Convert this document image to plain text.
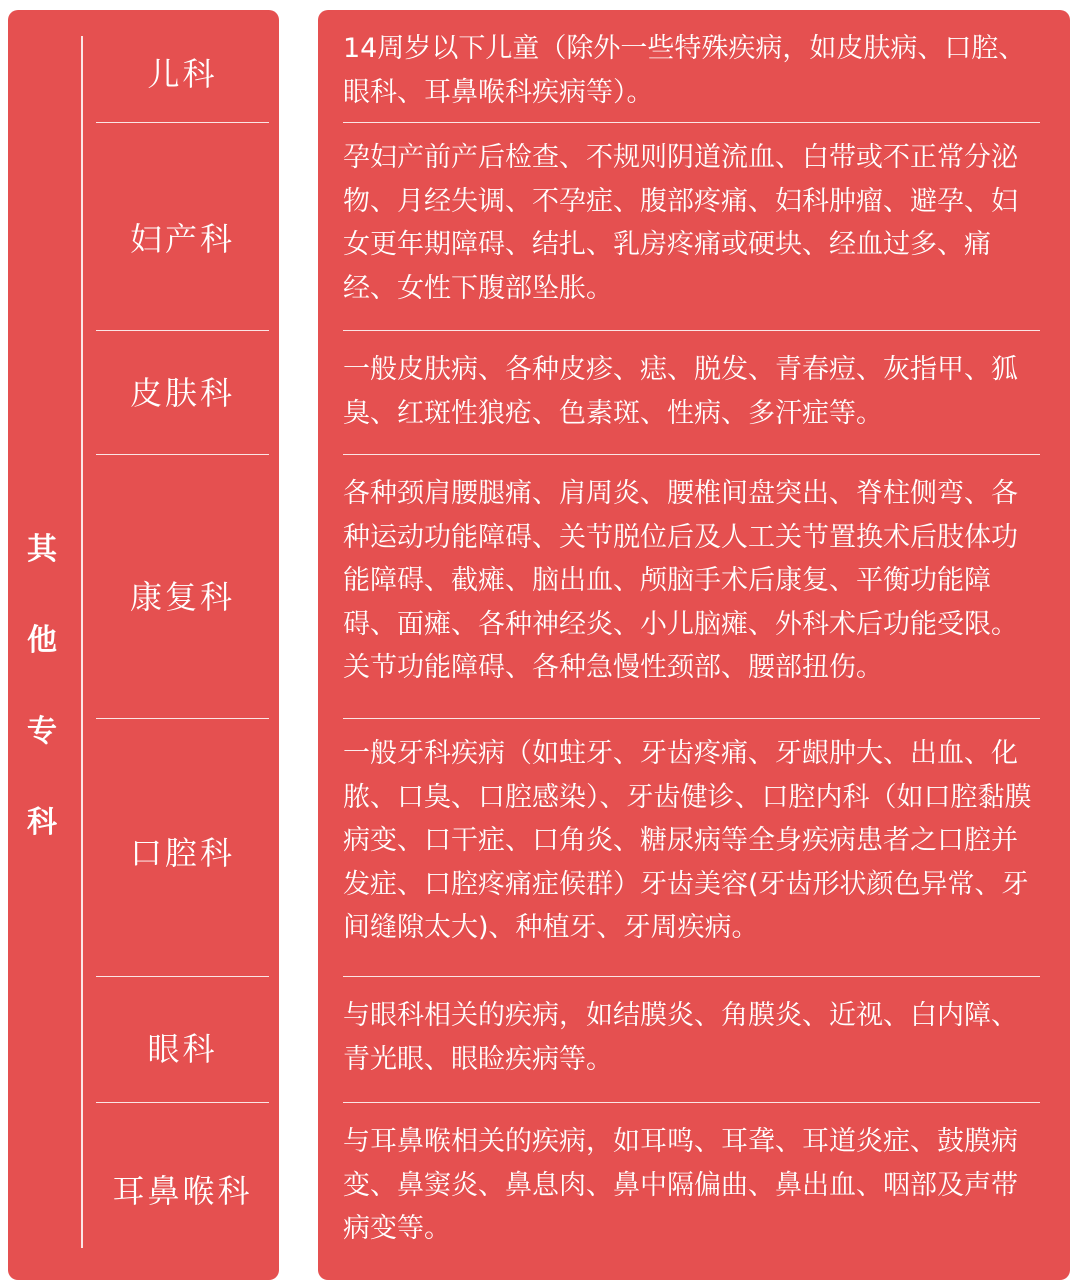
其
他
专
科
儿科
14周岁以下儿童（除外一些特殊疾病，如皮肤病、口腔、眼科、耳鼻喉科疾病等）。
妇产科
孕妇产前产后检查、不规则阴道流血、白带或不正常分泌物、月经失调、不孕症、腹部疼痛、妇科肿瘤、避孕、妇女更年期障碍、结扎、乳房疼痛或硬块、经血过多、痛经、女性下腹部坠胀。
皮肤科
一般皮肤病、各种皮疹、痣、脱发、青春痘、灰指甲、狐臭、红斑性狼疮、色素斑、性病、多汗症等。
康复科
各种颈肩腰腿痛、肩周炎、腰椎间盘突出、脊柱侧弯、各种运动功能障碍、关节脱位后及人工关节置换术后肢体功能障碍、截瘫、脑出血、颅脑手术后康复、平衡功能障碍、面瘫、各种神经炎、小儿脑瘫、外科术后功能受限。关节功能障碍、各种急慢性颈部、腰部扭伤。
口腔科
一般牙科疾病（如蛀牙、牙齿疼痛、牙龈肿大、出血、化脓、口臭、口腔感染）、牙齿健诊、口腔内科（如口腔黏膜病变、口干症、口角炎、糖尿病等全身疾病患者之口腔并发症、口腔疼痛症候群）牙齿美容(牙齿形状颜色异常、牙间缝隙太大)、种植牙、牙周疾病。
眼科
与眼科相关的疾病，如结膜炎、角膜炎、近视、白内障、青光眼、眼睑疾病等。
耳鼻喉科
与耳鼻喉相关的疾病，如耳鸣、耳聋、耳道炎症、鼓膜病变、鼻窦炎、鼻息肉、鼻中隔偏曲、鼻出血、咽部及声带病变等。
